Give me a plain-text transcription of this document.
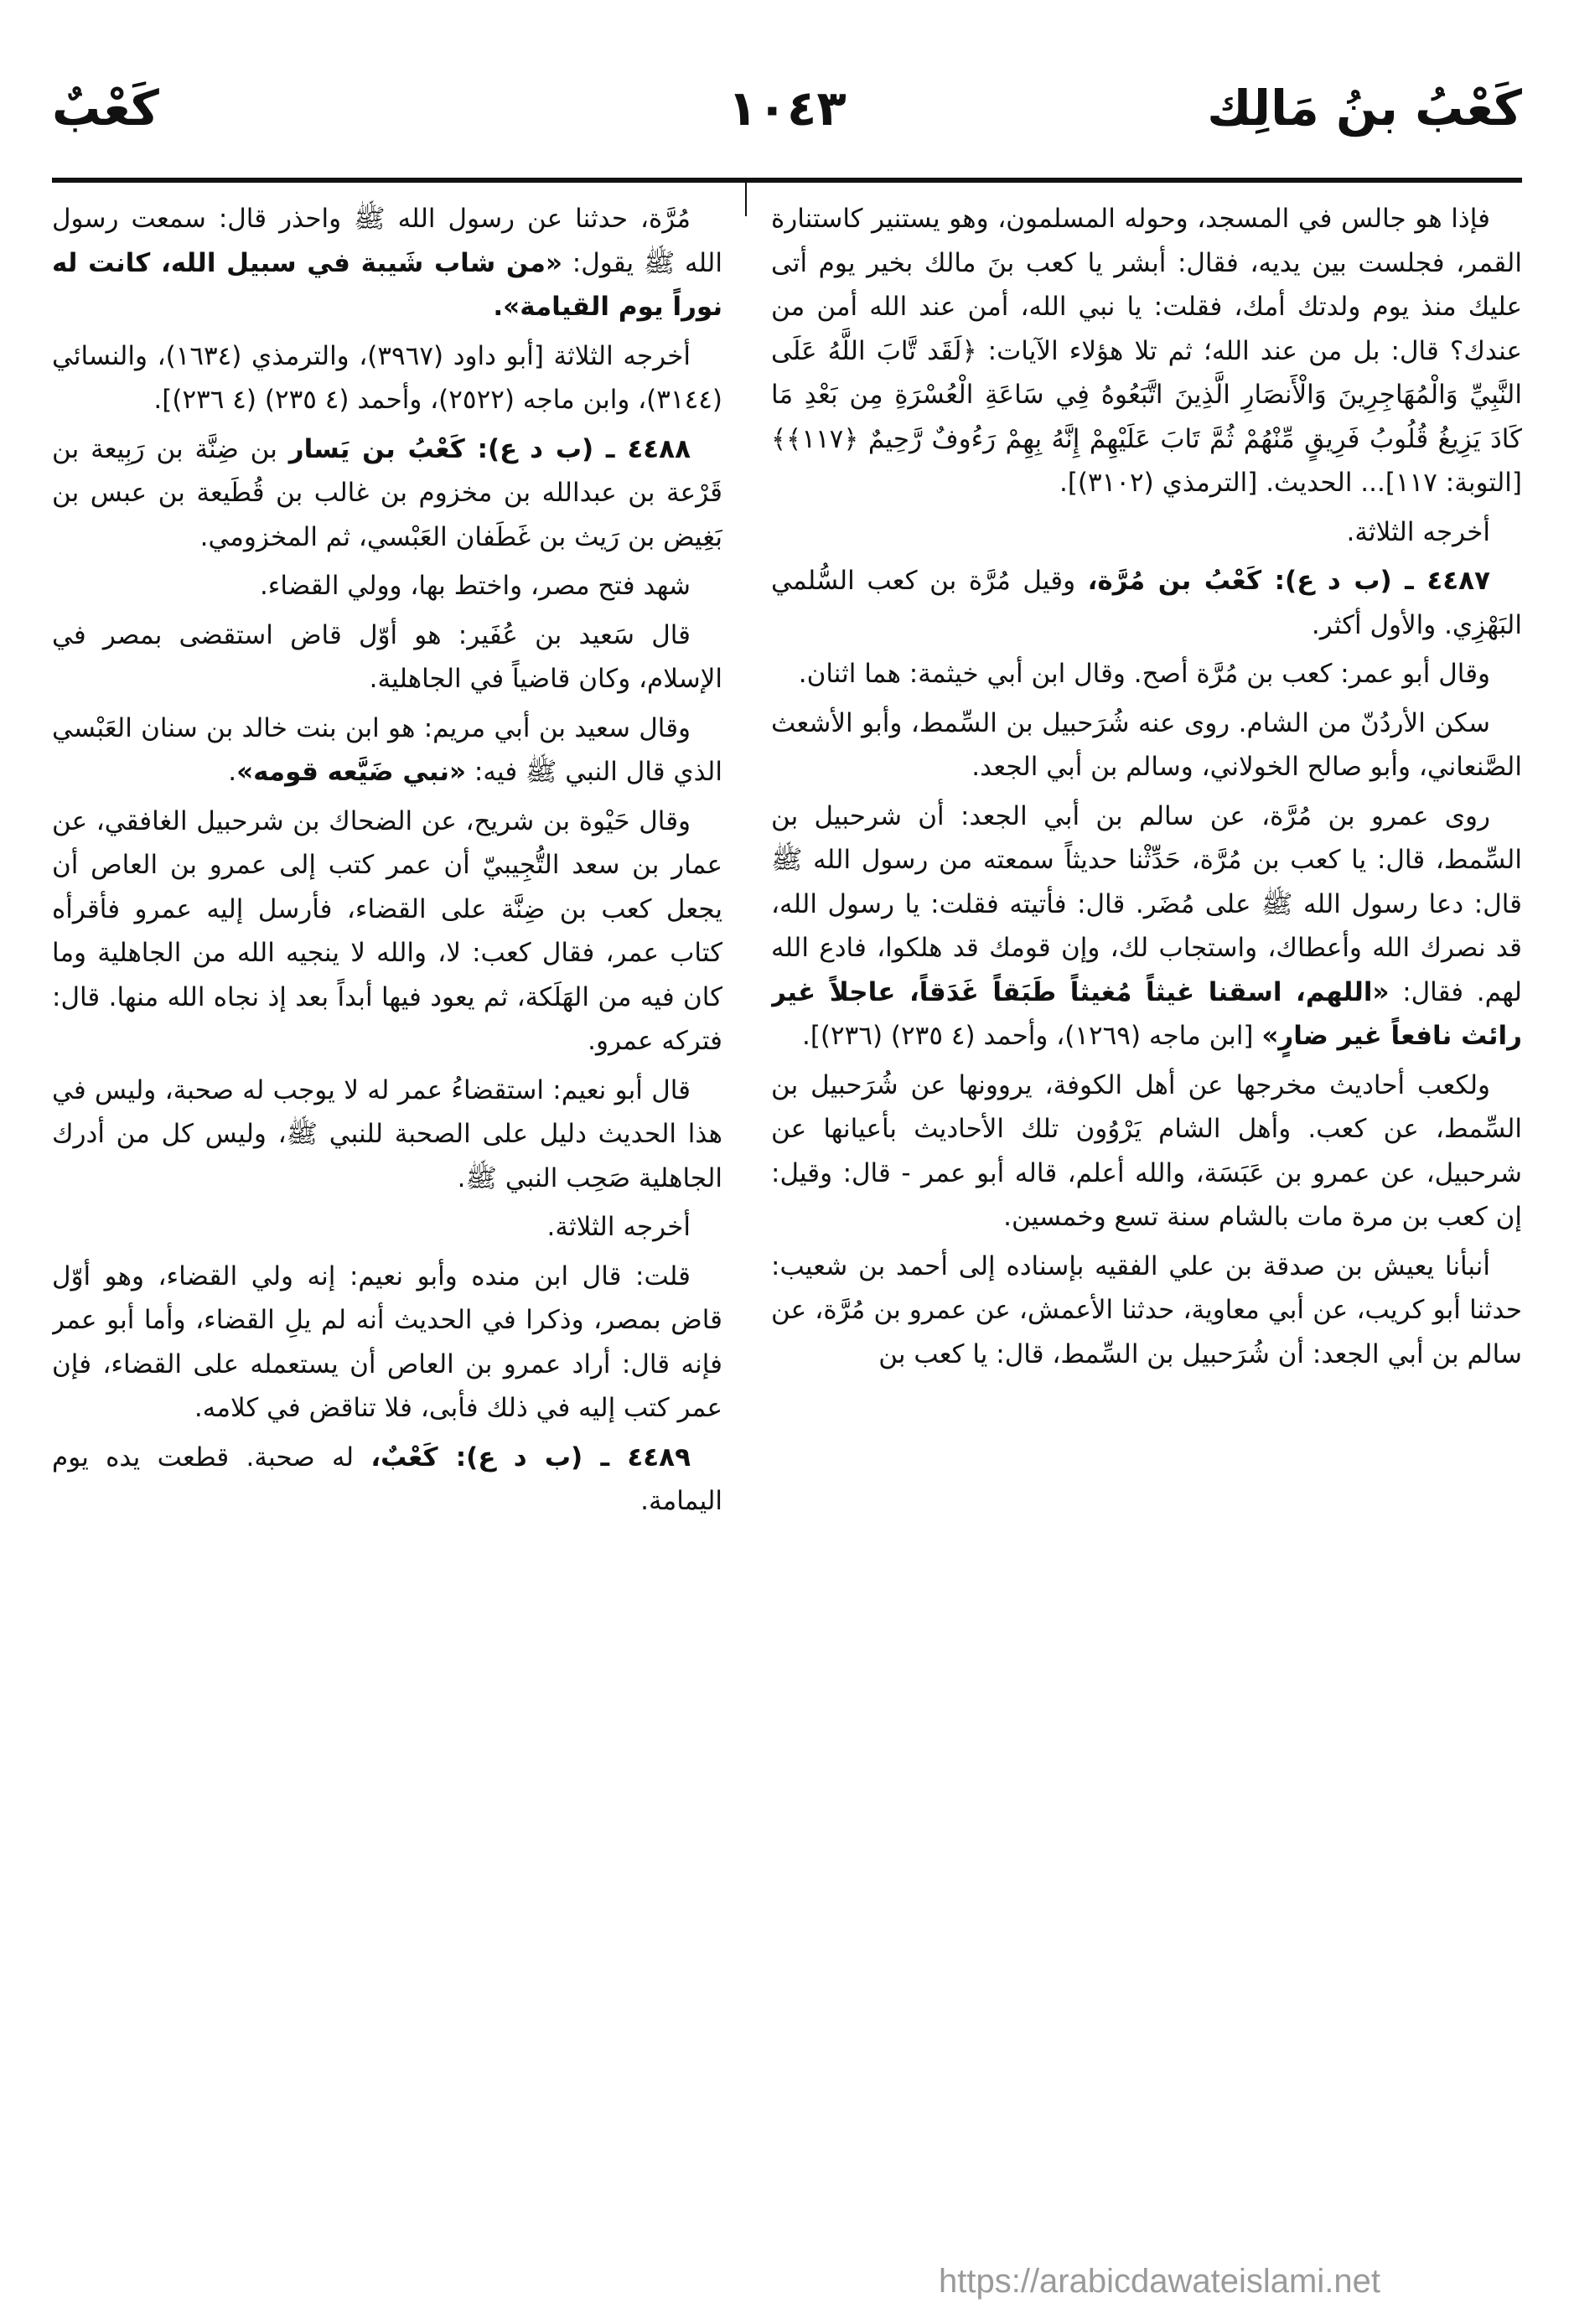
كَعْبُ بنُ مَالِك
١٠٤٣
كَعْبٌ

فإذا هو جالس في المسجد، وحوله المسلمون، وهو يستنير كاستنارة القمر، فجلست بين يديه، فقال: أبشر يا كعب بنَ مالك بخير يوم أتى عليك منذ يوم ولدتك أمك، فقلت: يا نبي الله، أمن عند الله أمن من عندك؟ قال: بل من عند الله؛ ثم تلا هؤلاء الآيات: ﴿لَقَد تَّابَ اللَّهُ عَلَى النَّبِيِّ وَالْمُهَاجِرِينَ وَالْأَنصَارِ الَّذِينَ اتَّبَعُوهُ فِي سَاعَةِ الْعُسْرَةِ مِن بَعْدِ مَا كَادَ يَزِيغُ قُلُوبُ فَرِيقٍ مِّنْهُمْ ثُمَّ تَابَ عَلَيْهِمْ إِنَّهُ بِهِمْ رَءُوفٌ رَّحِيمٌ ﴿١١٧﴾﴾ [التوبة: ١١٧]... الحديث. [الترمذي (٣١٠٢)].

أخرجه الثلاثة.

٤٤٨٧ ـ (ب د ع): كَعْبُ بن مُرَّة، وقيل مُرَّة بن كعب السُّلمي البَهْزِي. والأول أكثر.

وقال أبو عمر: كعب بن مُرَّة أصح. وقال ابن أبي خيثمة: هما اثنان.

سكن الأردُنّ من الشام. روى عنه شُرَحبيل بن السِّمط، وأبو الأشعث الصَّنعاني، وأبو صالح الخولاني، وسالم بن أبي الجعد.

روى عمرو بن مُرَّة، عن سالم بن أبي الجعد: أن شرحبيل بن السِّمط، قال: يا كعب بن مُرَّة، حَدِّثْنا حديثاً سمعته من رسول الله ﷺ قال: دعا رسول الله ﷺ على مُضَر. قال: فأتيته فقلت: يا رسول الله، قد نصرك الله وأعطاك، واستجاب لك، وإن قومك قد هلكوا، فادع الله لهم. فقال: «اللهم، اسقنا غيثاً مُغيثاً طَبَقاً غَدَقاً، عاجلاً غير رائث نافعاً غير ضارٍ» [ابن ماجه (١٢٦٩)، وأحمد (٤ ٢٣٥) (٢٣٦)].

ولكعب أحاديث مخرجها عن أهل الكوفة، يروونها عن شُرَحبيل بن السِّمط، عن كعب. وأهل الشام يَرْوُون تلك الأحاديث بأعيانها عن شرحبيل، عن عمرو بن عَبَسَة، والله أعلم، قاله أبو عمر - قال: وقيل: إن كعب بن مرة مات بالشام سنة تسع وخمسين.

أنبأنا يعيش بن صدقة بن علي الفقيه بإسناده إلى أحمد بن شعيب: حدثنا أبو كريب، عن أبي معاوية، حدثنا الأعمش، عن عمرو بن مُرَّة، عن سالم بن أبي الجعد: أن شُرَحبيل بن السِّمط، قال: يا كعب بن

مُرَّة، حدثنا عن رسول الله ﷺ واحذر قال: سمعت رسول الله ﷺ يقول: «من شاب شَيبة في سبيل الله، كانت له نوراً يوم القيامة».

أخرجه الثلاثة [أبو داود (٣٩٦٧)، والترمذي (١٦٣٤)، والنسائي (٣١٤٤)، وابن ماجه (٢٥٢٢)، وأحمد (٤ ٢٣٥) (٤ ٢٣٦)].

٤٤٨٨ ـ (ب د ع): كَعْبُ بن يَسار بن ضِنَّة بن رَبِيعة بن قَرْعة بن عبدالله بن مخزوم بن غالب بن قُطَيعة بن عبس بن بَغِيض بن رَيث بن غَطَفان العَبْسي، ثم المخزومي.

شهد فتح مصر، واختط بها، وولي القضاء.

قال سَعيد بن عُفَير: هو أوّل قاض استقضى بمصر في الإسلام، وكان قاضياً في الجاهلية.

وقال سعيد بن أبي مريم: هو ابن بنت خالد بن سنان العَبْسي الذي قال النبي ﷺ فيه: «نبي ضَيَّعه قومه».

وقال حَيْوة بن شريح، عن الضحاك بن شرحبيل الغافقي، عن عمار بن سعد التُّجِيبيّ أن عمر كتب إلى عمرو بن العاص أن يجعل كعب بن ضِنَّة على القضاء، فأرسل إليه عمرو فأقرأه كتاب عمر، فقال كعب: لا، والله لا ينجيه الله من الجاهلية وما كان فيه من الهَلَكة، ثم يعود فيها أبداً بعد إذ نجاه الله منها. قال: فتركه عمرو.

قال أبو نعيم: استقضاءُ عمر له لا يوجب له صحبة، وليس في هذا الحديث دليل على الصحبة للنبي ﷺ، وليس كل من أدرك الجاهلية صَحِب النبي ﷺ.

أخرجه الثلاثة.

قلت: قال ابن منده وأبو نعيم: إنه ولي القضاء، وهو أوّل قاض بمصر، وذكرا في الحديث أنه لم يلِ القضاء، وأما أبو عمر فإنه قال: أراد عمرو بن العاص أن يستعمله على القضاء، فإن عمر كتب إليه في ذلك فأبى، فلا تناقض في كلامه.

٤٤٨٩ ـ (ب د ع): كَعْبٌ، له صحبة. قطعت يده يوم اليمامة.

https://arabicdawateislami.net
